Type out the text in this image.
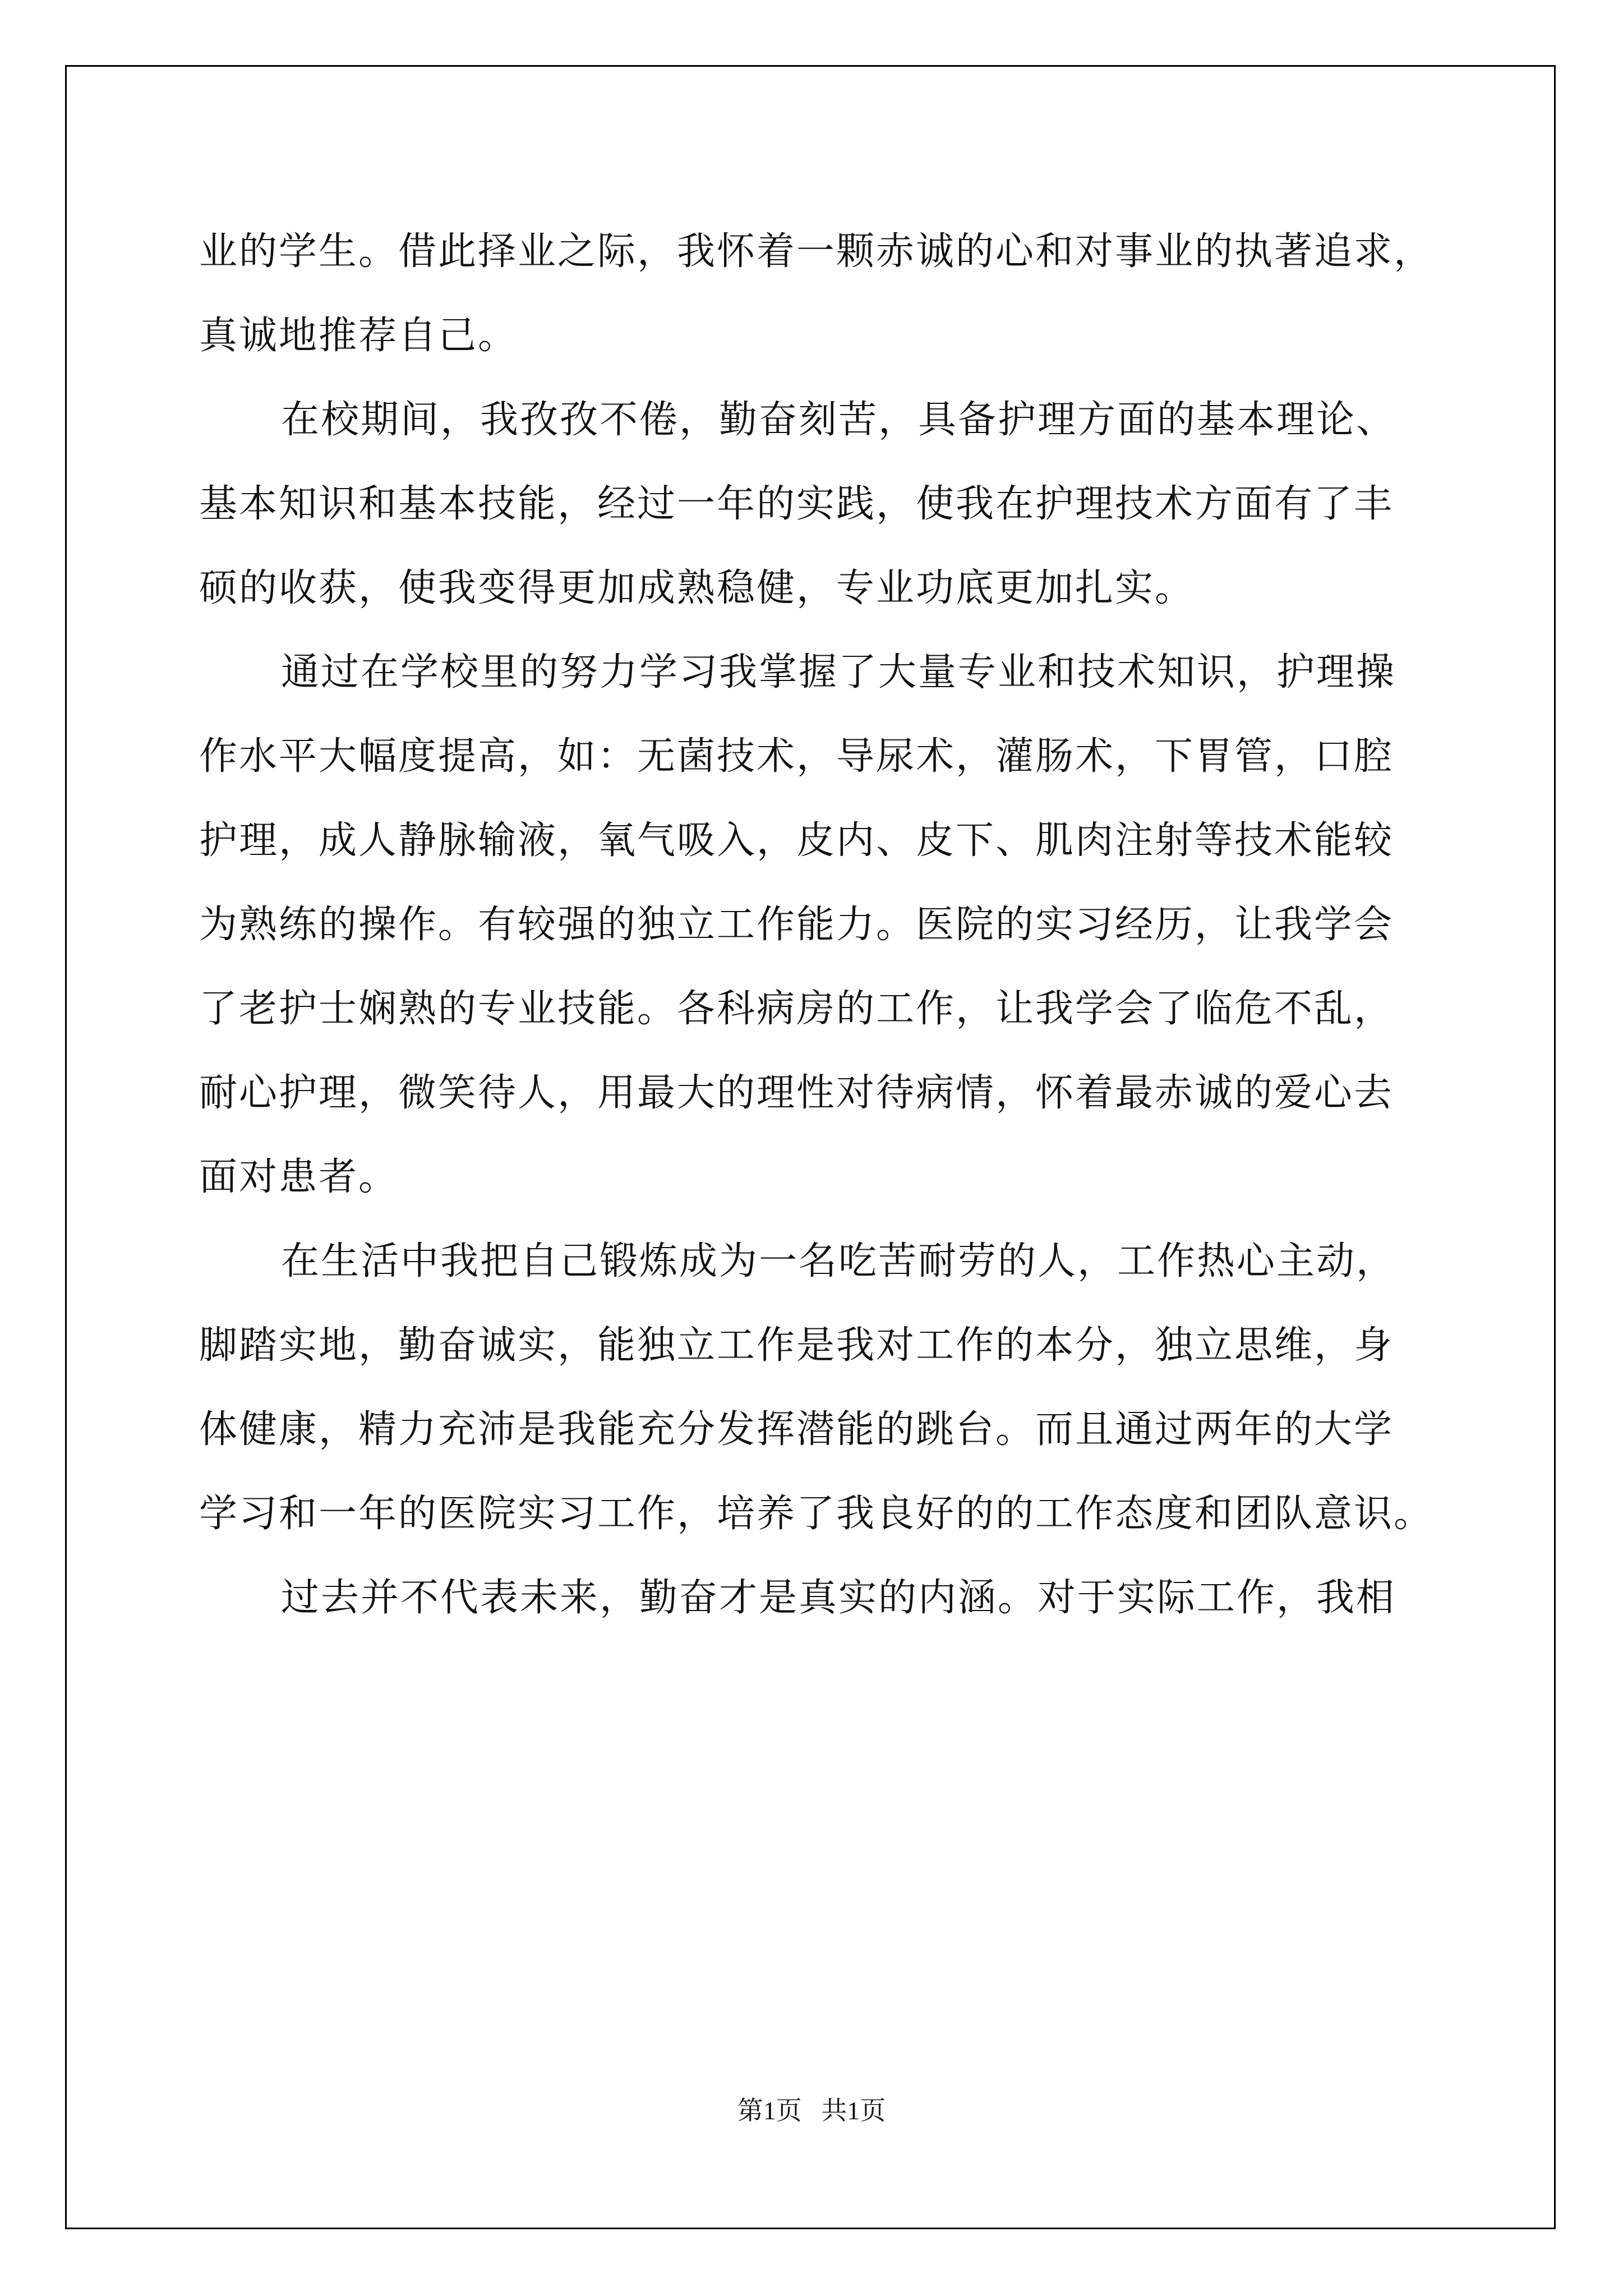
业的学生。借此择业之际，我怀着一颗赤诚的心和对事业的执著追求，
真诚地推荐自己。
在校期间，我孜孜不倦，勤奋刻苦，具备护理方面的基本理论、
基本知识和基本技能，经过一年的实践，使我在护理技术方面有了丰
硕的收获，使我变得更加成熟稳健，专业功底更加扎实。
通过在学校里的努力学习我掌握了大量专业和技术知识，护理操
作水平大幅度提高，如：无菌技术，导尿术，灌肠术，下胃管，口腔
护理，成人静脉输液，氧气吸入，皮内、皮下、肌肉注射等技术能较
为熟练的操作。有较强的独立工作能力。医院的实习经历，让我学会
了老护士娴熟的专业技能。各科病房的工作，让我学会了临危不乱，
耐心护理，微笑待人，用最大的理性对待病情，怀着最赤诚的爱心去
面对患者。
在生活中我把自己锻炼成为一名吃苦耐劳的人，工作热心主动，
脚踏实地，勤奋诚实，能独立工作是我对工作的本分，独立思维，身
体健康，精力充沛是我能充分发挥潜能的跳台。而且通过两年的大学
学习和一年的医院实习工作，培养了我良好的的工作态度和团队意识。
过去并不代表未来，勤奋才是真实的内涵。对于实际工作，我相
第1页   共1页
